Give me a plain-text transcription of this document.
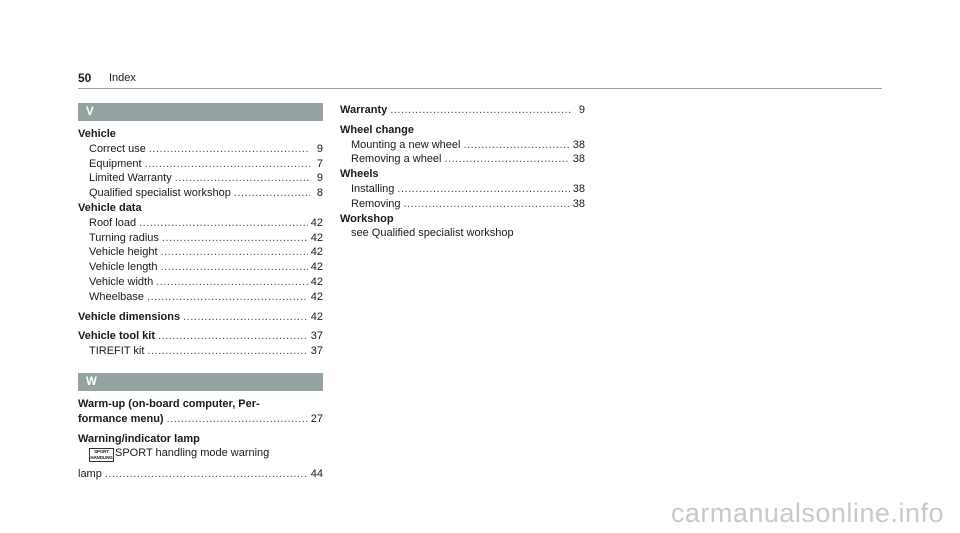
50 Index
V
Vehicle
Correct use .....	9
Equipment .....	7
Limited Warranty .....	9
Qualified specialist workshop .....	8
Vehicle data
Roof load .....	42
Turning radius .....	42
Vehicle height .....	42
Vehicle length .....	42
Vehicle width .....	42
Wheelbase .....	42
Vehicle dimensions .....	42
Vehicle tool kit .....	37
TIREFIT kit .....	37
W
Warm-up (on-board computer, Per-
formance menu) .....	27
Warning/indicator lamp
SPORT
HANDLING SPORT handling mode warning
lamp .....	44
Warranty .....	9
Wheel change
Mounting a new wheel .....	38
Removing a wheel .....	38
Wheels
Installing .....	38
Removing .....	38
Workshop
see Qualified specialist workshop
carmanualsonline.info
